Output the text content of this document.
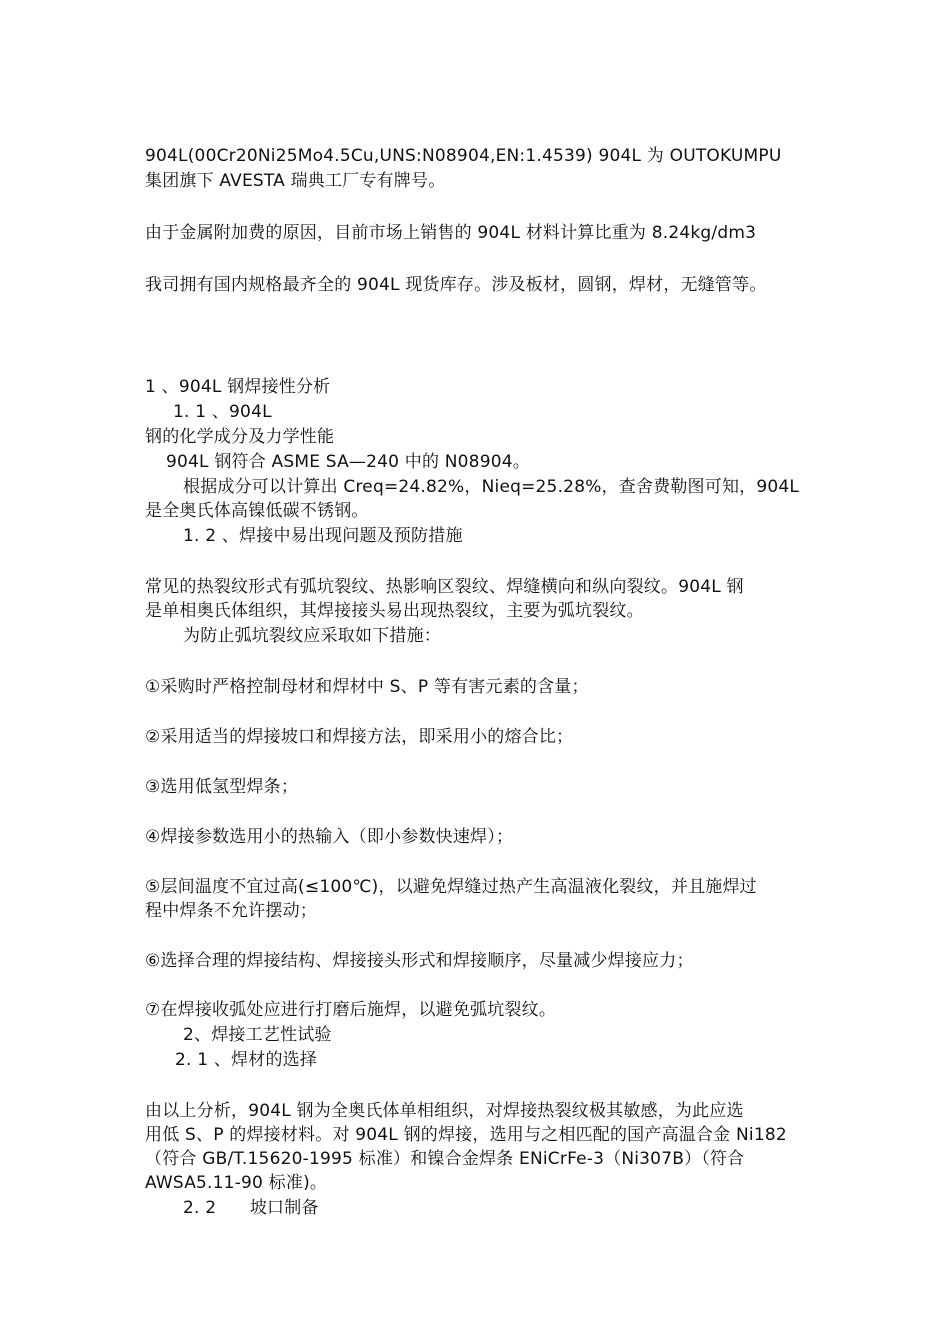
904L(00Cr20Ni25Mo4.5Cu,UNS:N08904,EN:1.4539) 904L 为 OUTOKUMPU
集团旗下 AVESTA 瑞典工厂专有牌号。
由于金属附加费的原因，目前市场上销售的 904L 材料计算比重为 8.24kg/dm3
我司拥有国内规格最齐全的 904L 现货库存。涉及板材，圆钢，焊材，无缝管等。
1 、904L 钢焊接性分析
1. 1 、904L
钢的化学成分及力学性能
904L 钢符合 ASME SA—240 中的 N08904。
根据成分可以计算出 Creq=24.82%，Nieq=25.28%，查舍费勒图可知，904L
是全奥氏体高镍低碳不锈钢。
1. 2 、焊接中易出现问题及预防措施
常见的热裂纹形式有弧坑裂纹、热影响区裂纹、焊缝横向和纵向裂纹。904L 钢
是单相奥氏体组织，其焊接接头易出现热裂纹，主要为弧坑裂纹。
为防止弧坑裂纹应采取如下措施：
①采购时严格控制母材和焊材中 S、P 等有害元素的含量；
②采用适当的焊接坡口和焊接方法，即采用小的熔合比；
③选用低氢型焊条；
④焊接参数选用小的热输入（即小参数快速焊）；
⑤层间温度不宜过高(≤100℃)，以避免焊缝过热产生高温液化裂纹，并且施焊过
程中焊条不允许摆动；
⑥选择合理的焊接结构、焊接接头形式和焊接顺序，尽量减少焊接应力；
⑦在焊接收弧处应进行打磨后施焊，以避免弧坑裂纹。
2、焊接工艺性试验
2. 1 、焊材的选择
由以上分析，904L 钢为全奥氏体单相组织，对焊接热裂纹极其敏感，为此应选
用低 S、P 的焊接材料。对 904L 钢的焊接，选用与之相匹配的国产高温合金 Ni182
（符合 GB/T.15620-1995 标准）和镍合金焊条 ENiCrFe-3（Ni307B）（符合
AWSA5.11-90 标准)。
2. 2      坡口制备
